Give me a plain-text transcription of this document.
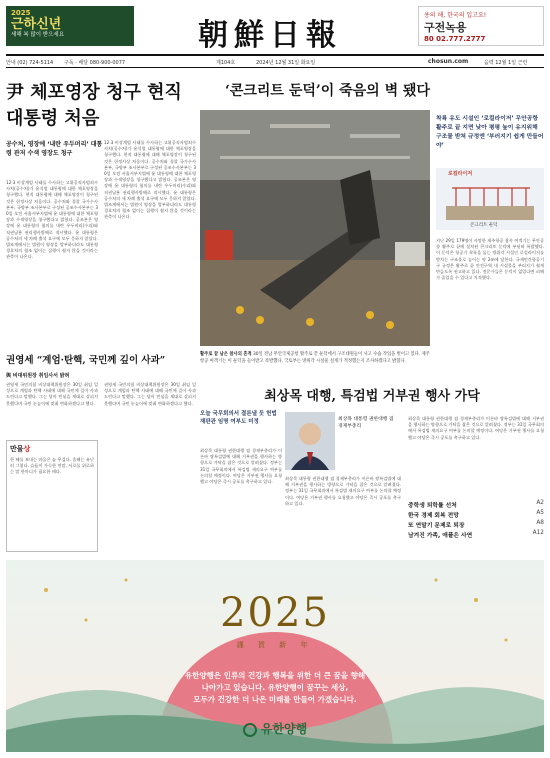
2025
근하신년
새해 복 많이 받으세요	朝鮮日報
용의 해, 한국의 입고요!
구전녹용
80 02.777.2777
안내 (02) 724-5114 구독 · 배달 080-900-0077	제104호	2024년 12월 31일 화요일	chosun.com	음력 12월 1일 근린
尹 체포영장 청구 현직 대통령 처음
공수처, 영장에 ‘내란 우두머리’ 대통령 관저 수색 영장도 청구
12·3 비상계엄 사태를 수사하는 고위공직자범죄수사처(공수처)가 윤석열 대통령에 대한 체포영장을 청구했다. 현직 대통령에 대해 체포영장이 청구된 것은 헌정사상 처음이다. 공수처와 경찰 국가수사본부, 국방부 조사본부로 구성된 공조수사본부는 30일 오전 서울서부지법에 윤 대통령에 대한 체포영장과 수색영장을 청구했다고 밝혔다. 공조본은 영장에 윤 대통령의 혐의를 내란 우두머리(수괴)와 직권남용 권리행사방해로 적시했다. 윤 대통령은 공수처의 세 차례 출석 요구에 모두 응하지 않았다. 법조계에서는 법원이 영장을 발부하더라도 대통령 경호처의 협조 없이는 집행이 쉽지 않을 것이라는 관측이 나온다.
12·3 비상계엄 사태를 수사하는 고위공직자범죄수사처(공수처)가 윤석열 대통령에 대한 체포영장을 청구했다. 현직 대통령에 대해 체포영장이 청구된 것은 헌정사상 처음이다. 공수처와 경찰 국가수사본부, 국방부 조사본부로 구성된 공조수사본부는 30일 오전 서울서부지법에 윤 대통령에 대한 체포영장과 수색영장을 청구했다고 밝혔다. 공조본은 영장에 윤 대통령의 혐의를 내란 우두머리(수괴)와 직권남용 권리행사방해로 적시했다. 윤 대통령은 공수처의 세 차례 출석 요구에 모두 응하지 않았다. 법조계에서는 법원이 영장을 발부하더라도 대통령 경호처의 협조 없이는 집행이 쉽지 않을 것이라는 관측이 나온다.
‘콘크리트 둔덕’이 죽음의 벽 됐다
활주로 끝 남은 참사의 흔적 30일 전남 무안국제공항 활주로 끝 둔덕에서 구조대원들이 사고 수습 작업을 벌이고 있다. 제주항공 여객기는 이 둔덕을 들이받고 폭발했다. 국토부는 방위각 시설물 설계가 적정했는지 조사하겠다고 밝혔다.
착륙 유도 시설인 ‘로컬라이저’ 무안공항 활주로 끝 지면 낮아 평평 높이 유지위해 구조물 받쳐 규정엔 ‘부러지기 쉽게 만들어야’
로컬라이저
콘크리트 둔덕
지난 29일 179명이 사망한 제주항공 참사 여객기는 무안공항 활주로 끝에 설치된 콘크리트 둔덕에 부딪혀 폭발했다. 이 둔덕은 항공기 착륙을 돕는 방위각 시설인 로컬라이저를 받치는 구조물로 높이는 약 2m에 달한다. 국제민간항공기구 규정은 활주로 끝 안전구역 내 시설물을 부러지기 쉽게 만들도록 권고하고 있다. 전문가들은 둔덕이 없었다면 피해가 줄었을 수 있다고 지적했다.
권영세 “계엄·탄핵, 국민께 깊이 사과”
與 비대위원장 취임사서 밝혀
권영세 국민의힘 비상대책위원장은 30일 취임 일성으로 계엄과 탄핵 사태에 대해 국민께 깊이 사과드린다고 말했다. 그는 당이 민심을 제대로 살피지 못했다며 국민 눈높이에 맞춰 변화하겠다고 했다.
권영세 국민의힘 비상대책위원장은 30일 취임 일성으로 계엄과 탄핵 사태에 대해 국민께 깊이 사과드린다고 말했다. 그는 당이 민심을 제대로 살피지 못했다며 국민 눈높이에 맞춰 변화하겠다고 했다.
만물상
한 해를 보내는 마음은 늘 무겁다. 올해는 유난히 그렇다. 슬픔이 가득한 연말, 서로를 위로하는 말 한마디가 필요한 때다.
최상목 대행, 특검법 거부권 행사 가닥
오늘 국무회의서 결론낼 듯 헌법재판관 임명 여부도 미정	최상목 대통령 권한대행 겸 경제부총리
최상목 대통령 권한대행 겸 경제부총리가 이른바 쌍특검법에 대해 거부권을 행사하는 방향으로 가닥을 잡은 것으로 알려졌다. 정부는 31일 국무회의에서 특검법 재의요구 여부를 논의할 예정이다. 여당은 거부권 행사를 요청했고 야당은 즉시 공포를 촉구하고 있다.
최상목 대통령 권한대행 겸 경제부총리가 이른바 쌍특검법에 대해 거부권을 행사하는 방향으로 가닥을 잡은 것으로 알려졌다. 정부는 31일 국무회의에서 특검법 재의요구 여부를 논의할 예정이다. 여당은 거부권 행사를 요청했고 야당은 즉시 공포를 촉구하고 있다.
최상목 대통령 권한대행 겸 경제부총리가 이른바 쌍특검법에 대해 거부권을 행사하는 방향으로 가닥을 잡은 것으로 알려졌다. 정부는 31일 국무회의에서 특검법 재의요구 여부를 논의할 예정이다. 여당은 거부권 행사를 요청했고 야당은 즉시 공포를 촉구하고 있다.
중학생 퇴학률 선처	A2
한국 경제 회복 전망	A5
또 연말기 문제로 퇴장	A8
남겨진 가족, 애플은 사연	A12
2025
謹 賀 新 年
유한양행은 인류의 건강과 행복을 위한 더 큰 꿈을 향해
나아가고 있습니다. 유한양행이 꿈꾸는 세상,
모두가 건강한 더 나은 미래를 만들어 가겠습니다.
유한양행
